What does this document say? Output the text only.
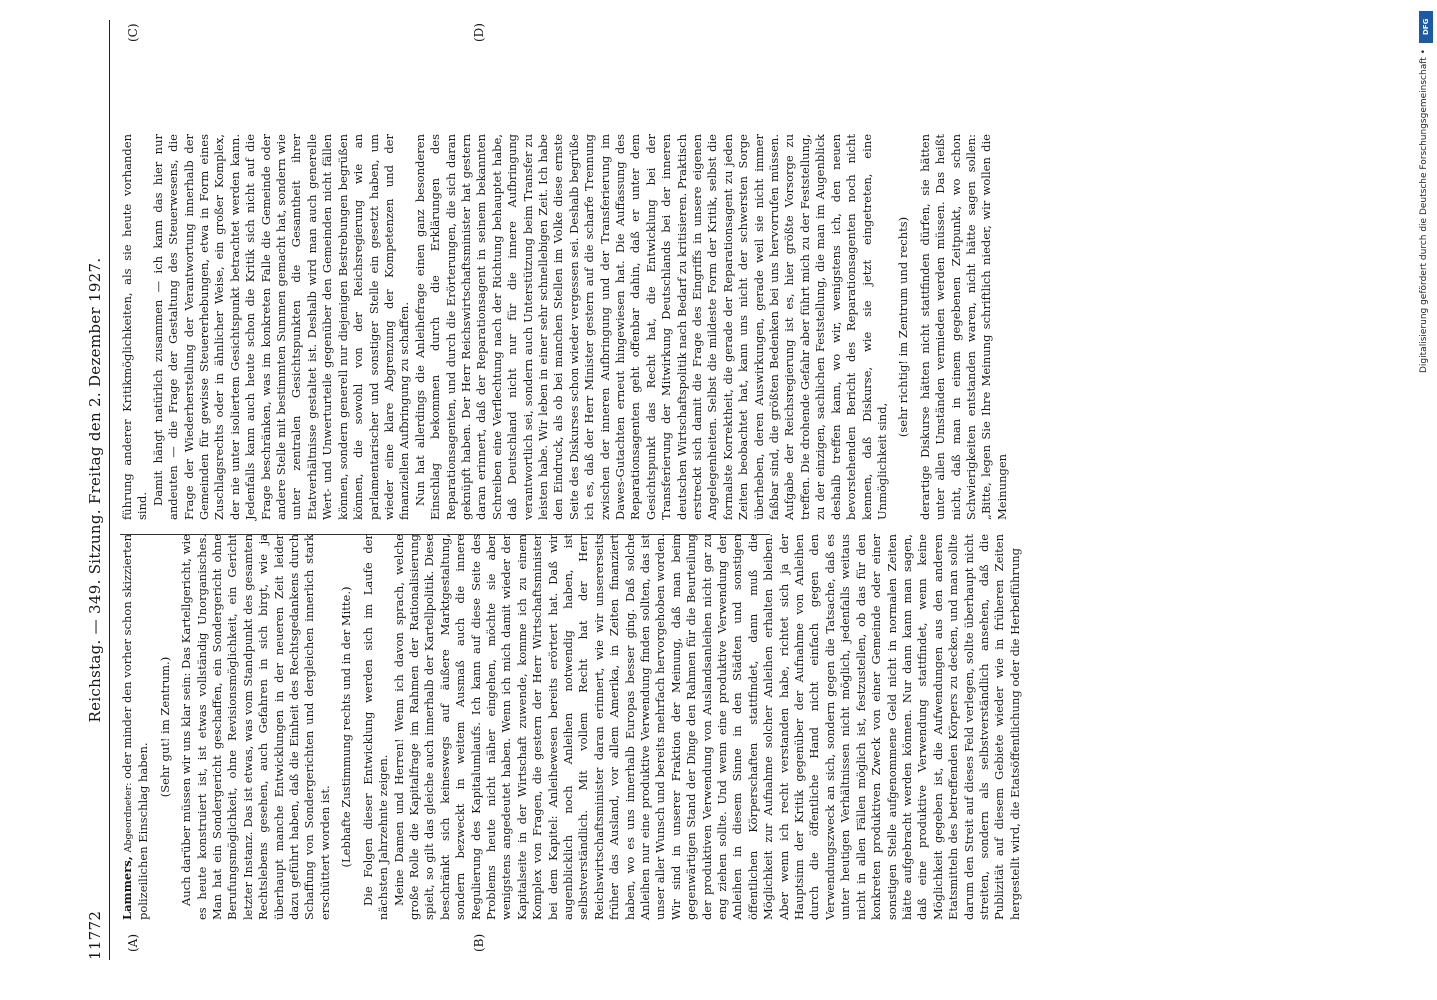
11772
Reichstag. — 349. Sitzung. Freitag den 2. Dezember 1927.
(A)	(B)
(C)	(D)

Lammers, Abgeordneter: oder minder den vorher schon skizzierten polizeilichen Einschlag haben.

(Sehr gut! im Zentrum.) Auch darüber müssen wir uns klar sein: Das Kartellgericht, wie es heute konstruiert ist, ist etwas vollständig Unorganisches. Man hat ein Sondergericht geschaffen, ein Sondergericht ohne Berufungsmöglichkeit, ohne Revisionsmöglichkeit, ein Gericht letzter Instanz. Das ist etwas, was vom Standpunkt des gesamten Rechtslebens gesehen, auch Gefahren in sich birgt, wie ja überhaupt manche Entwicklungen in der neueren Zeit leider dazu geführt haben, daß die Einheit des Rechtsgedankens durch Schaffung von Sondergerichten und dergleichen innerlich stark erschüttert worden ist. (Lebhafte Zustimmung rechts und in der Mitte.) Die Folgen dieser Entwicklung werden sich im Laufe der nächsten Jahrzehnte zeigen. Meine Damen und Herren! Wenn ich davon sprach, welche große Rolle die Kapitalfrage im Rahmen der Rationalisierung spielt, so gilt das gleiche auch innerhalb der Kartellpolitik. Diese beschränkt sich keineswegs auf äußere Marktgestaltung, sondern bezweckt in weitem Ausmaß auch die innere Regulierung des Kapitalumlaufs. Ich kann auf diese Seite des Problems heute nicht näher eingehen, möchte sie aber wenigstens angedeutet haben. Wenn ich mich damit wieder der Kapitalseite in der Wirtschaft zuwende, komme ich zu einem Komplex von Fragen, die gestern der Herr Wirtschaftsminister bei dem Kapitel: Anleihewesen bereits erörtert hat. Daß wir augenblicklich noch Anleihen notwendig haben, ist selbstverständlich. Mit vollem Recht hat der Herr Reichswirtschaftsminister daran erinnert, wie wir unsererseits früher das Ausland, vor allem Amerika, in Zeiten finanziert haben, wo es uns innerhalb Europas besser ging. Daß solche Anleihen nur eine produktive Verwendung finden sollten, das ist unser aller Wunsch und bereits mehrfach hervorgehoben worden. Wir sind in unserer Fraktion der Meinung, daß man beim gegenwärtigen Stand der Dinge den Rahmen für die Beurteilung der produktiven Verwendung von Auslandsanleihen nicht gar zu eng ziehen sollte. Und wenn eine produktive Verwendung der Anleihen in diesem Sinne in den Städten und sonstigen öffentlichen Körperschaften stattfindet, dann muß die Möglichkeit zur Aufnahme solcher Anleihen erhalten bleiben. Aber wenn ich recht verstanden habe, richtet sich ja der Hauptsinn der Kritik gegenüber der Aufnahme von Anleihen durch die öffentliche Hand nicht einfach gegen den Verwendungszweck an sich, sondern gegen die Tatsache, daß es unter heutigen Verhältnissen nicht möglich, jedenfalls weitaus nicht in allen Fällen möglich ist, festzustellen, ob das für den konkreten produktiven Zweck von einer Gemeinde oder einer sonstigen Stelle aufgenommene Geld nicht in normalen Zeiten hätte aufgebracht werden können. Nur dann kann man sagen, daß eine produktive Verwendung stattfindet, wenn keine Möglichkeit gegeben ist, die Aufwendungen aus den anderen Etatsmitteln des betreffenden Körpers zu decken, und man sollte darum den Streit auf dieses Feld verlegen, sollte überhaupt nicht streiten, sondern als selbstverständlich ansehen, daß die Publizität auf diesem Gebiete wieder wie in früheren Zeiten hergestellt wird, die Etatsöffentlichung oder die Herbeiführung

führung anderer Kritikmöglichkeiten, als sie heute vorhanden sind. Damit hängt natürlich zusammen — ich kann das hier nur andeuten — die Frage der Gestaltung des Steuerwesens, die Frage der Wiederherstellung der Verantwortung innerhalb der Gemeinden für gewisse Steuererhebungen, etwa in Form eines Zuschlagsrechts oder in ähnlicher Weise, ein großer Komplex, der nie unter isoliertem Gesichtspunkt betrachtet werden kann. Jedenfalls kann auch heute schon die Kritik sich nicht auf die Frage beschränken, was im konkreten Falle die Gemeinde oder andere Stelle mit bestimmten Summen gemacht hat, sondern wie unter zentralen Gesichtspunkten die Gesamtheit ihrer Etatverhältnisse gestaltet ist. Deshalb wird man auch generelle Wert- und Unwerturteile gegenüber den Gemeinden nicht fällen können, sondern generell nur diejenigen Bestrebungen begrüßen können, die sowohl von der Reichsregierung wie an parlamentarischer und sonstiger Stelle ein gesetzt haben, um wieder eine klare Abgrenzung der Kompetenzen und der finanziellen Aufbringung zu schaffen. Nun hat allerdings die Anleihefrage einen ganz besonderen Einschlag bekommen durch die Erklärungen des Reparationsagenten, und durch die Erörterungen, die sich daran geknüpft haben. Der Herr Reichswirtschaftsminister hat gestern daran erinnert, daß der Reparationsagent in seinem bekannten Schreiben eine Verflechtung nach der Richtung behauptet habe, daß Deutschland nicht nur für die innere Aufbringung verantwortlich sei, sondern auch Unterstützung beim Transfer zu leisten habe. Wir leben in einer sehr schnellebigen Zeit. Ich habe den Eindruck, als ob bei manchen Stellen im Volke diese ernste Seite des Diskurses schon wieder vergessen sei. Deshalb begrüße ich es, daß der Herr Minister gestern auf die scharfe Trennung zwischen der inneren Aufbringung und der Transferierung im Dawes-Gutachten erneut hingewiesen hat. Die Auffassung des Reparationsagenten geht offenbar dahin, daß er unter dem Gesichtspunkt das Recht hat, die Entwicklung bei der Transferierung der Mitwirkung Deutschlands bei der inneren deutschen Wirtschaftspolitik nach Bedarf zu kritisieren. Praktisch erstreckt sich damit die Frage des Eingriffs in unsere eigenen Angelegenheiten. Selbst die mildeste Form der Kritik, selbst die formalste Korrektheit, die gerade der Reparationsagent zu jeden Zeiten beobachtet hat, kann uns nicht der schwersten Sorge überheben, deren Auswirkungen, gerade weil sie nicht immer faßbar sind, die größten Bedenken bei uns hervorrufen müssen. Aufgabe der Reichsregierung ist es, hier größte Vorsorge zu treffen. Die drohende Gefahr aber führt mich zu der Feststellung, zu der einzigen, sachlichen Feststellung, die man im Augenblick deshalb treffen kann, wo wir, wenigstens ich, den neuen bevorstehenden Bericht des Reparationsagenten noch nicht kennen, daß Diskurse, wie sie jetzt eingetreten, eine Unmöglichkeit sind,

(sehr richtig! im Zentrum und rechts) derartige Diskurse hätten nicht stattfinden dürfen, sie hätten unter allen Umständen vermieden werden müssen. Das heißt nicht, daß man in einem gegebenen Zeitpunkt, wo schon Schwierigkeiten entstanden waren, nicht hätte sagen sollen: „Bitte, legen Sie Ihre Meinung schriftlich nieder, wir wollen die Meinungen

DFG
Digitalisierung gefördert durch die Deutsche Forschungsgemeinschaft •
